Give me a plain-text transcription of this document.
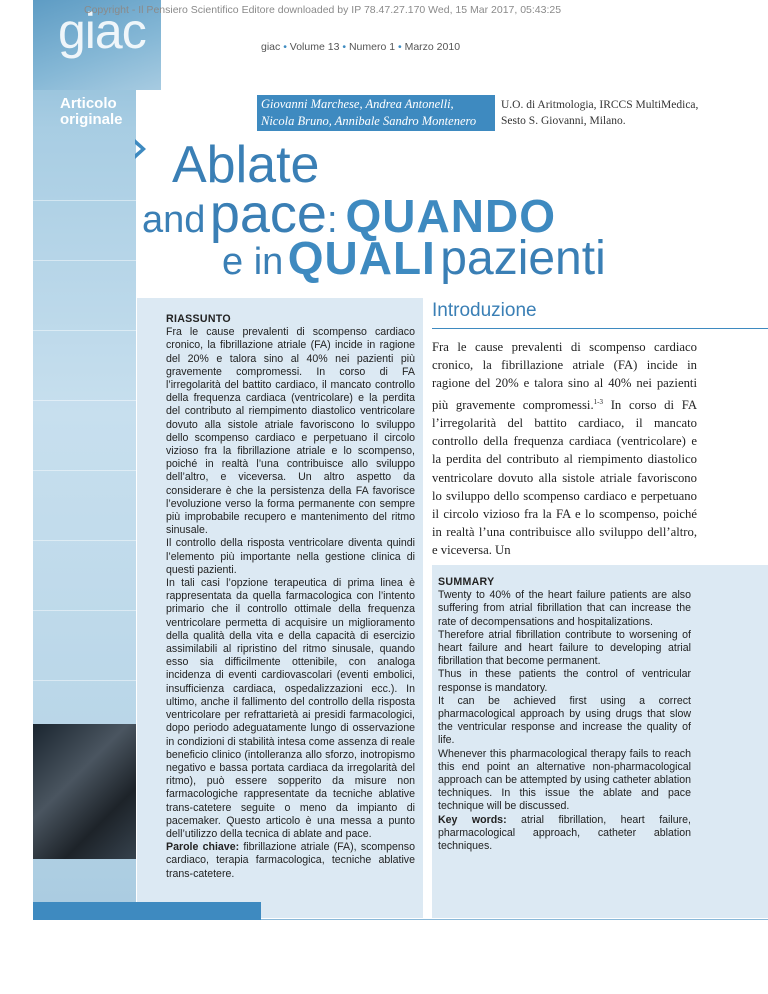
giac
Copyright - Il Pensiero Scientifico Editore downloaded by IP 78.47.27.170 Wed, 15 Mar 2017, 05:43:25
giac • Volume 13 • Numero 1 • Marzo 2010
Articolo
originale
Giovanni Marchese, Andrea Antonelli,
Nicola Bruno, Annibale Sandro Montenero
U.O. di Aritmologia, IRCCS MultiMedica,
Sesto S. Giovanni, Milano.
Ablate
and pace: QUANDO
e in QUALI pazienti
RIASSUNTO

Fra le cause prevalenti di scompenso cardiaco cronico, la fibrillazione atriale (FA) incide in ragione del 20% e talora sino al 40% nei pazienti più gravemente compromessi. In corso di FA l’irregolarità del battito cardiaco, il mancato controllo della frequenza cardiaca (ventricolare) e la perdita del contributo al riempimento diastolico ventricolare dovuto alla sistole atriale favoriscono lo sviluppo dello scompenso cardiaco e perpetuano il circolo vizioso fra la fibrillazione atriale e lo scompenso, poiché in realtà l’una contribuisce allo sviluppo dell’altro, e viceversa. Un altro aspetto da considerare è che la persistenza della FA favorisce l’evoluzione verso la forma permanente con sempre più improbabile recupero e mantenimento del ritmo sinusale.

Il controllo della risposta ventricolare diventa quindi l’elemento più importante nella gestione clinica di questi pazienti.

In tali casi l’opzione terapeutica di prima linea è rappresentata da quella farmacologica con l’intento primario che il controllo ottimale della frequenza ventricolare permetta di acquisire un miglioramento della qualità della vita e della capacità di esercizio assimilabili al ripristino del ritmo sinusale, quando esso sia difficilmente ottenibile, con analoga incidenza di eventi cardiovascolari (eventi embolici, insufficienza cardiaca, ospedalizzazioni ecc.). In ultimo, anche il fallimento del controllo della risposta ventricolare per refrattarietà ai presidi farmacologici, dopo periodo adeguatamente lungo di osservazione in condizioni di stabilità intesa come assenza di reale beneficio clinico (intolleranza allo sforzo, inotropismo negativo e bassa portata cardiaca da irregolarità del ritmo), può essere sopperito da misure non farmacologiche rappresentate da tecniche ablative trans-catetere seguite o meno da impianto di pacemaker. Questo articolo è una messa a punto dell’utilizzo della tecnica di ablate and pace.

Parole chiave: fibrillazione atriale (FA), scompenso cardiaco, terapia farmacologica, tecniche ablative trans-catetere.

Introduzione
Fra le cause prevalenti di scompenso cardiaco cronico, la fibrillazione atriale (FA) incide in ragione del 20% e talora sino al 40% nei pazienti più gravemente compromessi.$^{1-3}$ In corso di FA l’irregolarità del battito cardiaco, il mancato controllo della frequenza cardiaca (ventricolare) e la perdita del contributo al riempimento diastolico ventricolare dovuto alla sistole atriale favoriscono lo sviluppo dello scompenso cardiaco e perpetuano il circolo vizioso fra la FA e lo scompenso, poiché in realtà l’una contribuisce allo sviluppo dell’altro, e viceversa. Un
SUMMARY

Twenty to 40% of the heart failure patients are also suffering from atrial fibrillation that can increase the rate of decompensations and hospitalizations.

Therefore atrial fibrillation contribute to worsening of heart failure and heart failure to developing atrial fibrillation that become permanent.

Thus in these patients the control of ventricular response is mandatory.

It can be achieved first using a correct pharmacological approach by using drugs that slow the ventricular response and increase the quality of life.

Whenever this pharmacological therapy fails to reach this end point an alternative non-pharmacological approach can be attempted by using catheter ablation techniques. In this issue the ablate and pace technique will be discussed.

Key words: atrial fibrillation, heart failure, pharmacological approach, catheter ablation techniques.
